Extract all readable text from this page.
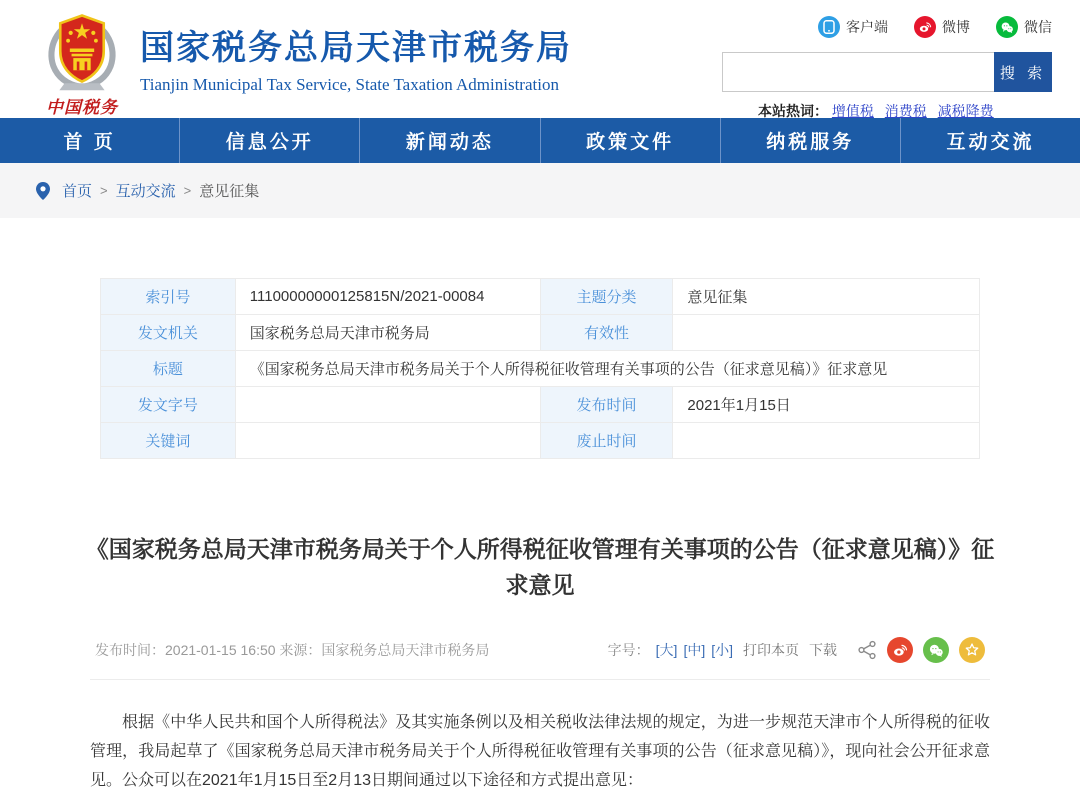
中国税务
国家税务总局天津市税务局
Tianjin Municipal Tax Service, State Taxation Administration
客户端	微博	微信
搜 索
本站热词： 增值税 消费税 减税降费
首 页	信息公开	新闻动态	政策文件	纳税服务	互动交流
首页 > 互动交流 > 意见征集
索引号	11100000000125815N/2021-00084	主题分类	意见征集
发文机关	国家税务总局天津市税务局	有效性	
标题	《国家税务总局天津市税务局关于个人所得税征收管理有关事项的公告（征求意见稿）》征求意见		
发文字号		发布时间	2021年1月15日
关键词		废止时间	
《国家税务总局天津市税务局关于个人所得税征收管理有关事项的公告（征求意见稿）》征求意见
发布时间：2021-01-15 16:50 来源：国家税务总局天津市税务局	字号： [大] [中] [小] 打印本页 下载

根据《中华人民共和国个人所得税法》及其实施条例以及相关税收法律法规的规定，为进一步规范天津市个人所得税的征收管理，我局起草了《国家税务总局天津市税务局关于个人所得税征收管理有关事项的公告（征求意见稿）》，现向社会公开征求意见。公众可以在2021年1月15日至2月13日期间通过以下途径和方式提出意见：
